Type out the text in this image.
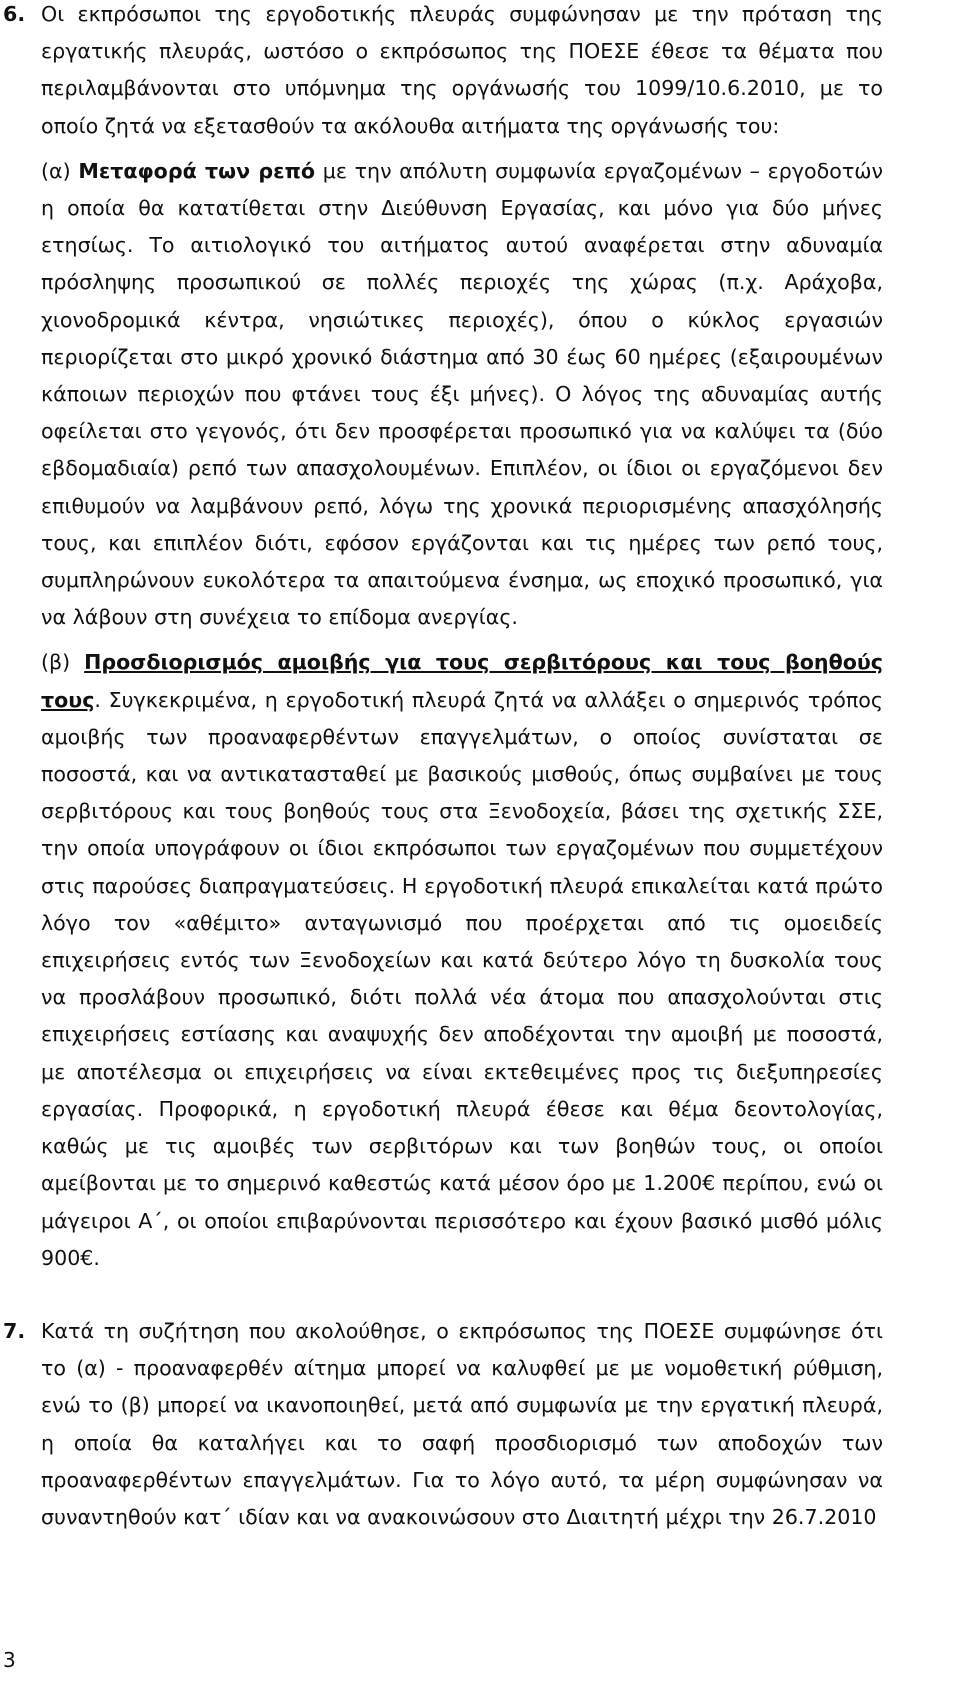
6. Οι εκπρόσωποι της εργοδοτικής πλευράς συμφώνησαν με την πρόταση της εργατικής πλευράς, ωστόσο ο εκπρόσωπος της ΠΟΕΣΕ έθεσε τα θέματα που περιλαμβάνονται στο υπόμνημα της οργάνωσής του 1099/10.6.2010, με το οποίο ζητά να εξετασθούν τα ακόλουθα αιτήματα της οργάνωσής του:

(α) Μεταφορά των ρεπό με την απόλυτη συμφωνία εργαζομένων – εργοδοτών η οποία θα κατατίθεται στην Διεύθυνση Εργασίας, και μόνο για δύο μήνες ετησίως. Το αιτιολογικό του αιτήματος αυτού αναφέρεται στην αδυναμία πρόσληψης προσωπικού σε πολλές περιοχές της χώρας (π.χ. Αράχοβα, χιονοδρομικά κέντρα, νησιώτικες περιοχές), όπου ο κύκλος εργασιών περιορίζεται στο μικρό χρονικό διάστημα από 30 έως 60 ημέρες (εξαιρουμένων κάποιων περιοχών που φτάνει τους έξι μήνες). Ο λόγος της αδυναμίας αυτής οφείλεται στο γεγονός, ότι δεν προσφέρεται προσωπικό για να καλύψει τα (δύο εβδομαδιαία) ρεπό των απασχολουμένων. Επιπλέον, οι ίδιοι οι εργαζόμενοι δεν επιθυμούν να λαμβάνουν ρεπό, λόγω της χρονικά περιορισμένης απασχόλησής τους, και επιπλέον διότι, εφόσον εργάζονται και τις ημέρες των ρεπό τους, συμπληρώνουν ευκολότερα τα απαιτούμενα ένσημα, ως εποχικό προσωπικό, για να λάβουν στη συνέχεια το επίδομα ανεργίας.

(β) Προσδιορισμός αμοιβής για τους σερβιτόρους και τους βοηθούς τους. Συγκεκριμένα, η εργοδοτική πλευρά ζητά να αλλάξει ο σημερινός τρόπος αμοιβής των προαναφερθέντων επαγγελμάτων, ο οποίος συνίσταται σε ποσοστά, και να αντικατασταθεί με βασικούς μισθούς, όπως συμβαίνει με τους σερβιτόρους και τους βοηθούς τους στα Ξενοδοχεία, βάσει της σχετικής ΣΣΕ, την οποία υπογράφουν οι ίδιοι εκπρόσωποι των εργαζομένων που συμμετέχουν στις παρούσες διαπραγματεύσεις. Η εργοδοτική πλευρά επικαλείται κατά πρώτο λόγο τον «αθέμιτο» ανταγωνισμό που προέρχεται από τις ομοειδείς επιχειρήσεις εντός των Ξενοδοχείων και κατά δεύτερο λόγο τη δυσκολία τους να προσλάβουν προσωπικό, διότι πολλά νέα άτομα που απασχολούνται στις επιχειρήσεις εστίασης και αναψυχής δεν αποδέχονται την αμοιβή με ποσοστά, με αποτέλεσμα οι επιχειρήσεις να είναι εκτεθειμένες προς τις διεξυπηρεσίες εργασίας. Προφορικά, η εργοδοτική πλευρά έθεσε και θέμα δεοντολογίας, καθώς με τις αμοιβές των σερβιτόρων και των βοηθών τους, οι οποίοι αμείβονται με το σημερινό καθεστώς κατά μέσον όρο με 1.200€ περίπου, ενώ οι μάγειροι Α΄, οι οποίοι επιβαρύνονται περισσότερο και έχουν βασικό μισθό μόλις 900€.

7. Κατά τη συζήτηση που ακολούθησε, ο εκπρόσωπος της ΠΟΕΣΕ συμφώνησε ότι το (α) - προαναφερθέν αίτημα μπορεί να καλυφθεί με με νομοθετική ρύθμιση, ενώ το (β) μπορεί να ικανοποιηθεί, μετά από συμφωνία με την εργατική πλευρά, η οποία θα καταλήγει και το σαφή προσδιορισμό των αποδοχών των προαναφερθέντων επαγγελμάτων. Για το λόγο αυτό, τα μέρη συμφώνησαν να συναντηθούν κατ΄ ιδίαν και να ανακοινώσουν στο Διαιτητή μέχρι την 26.7.2010

3
